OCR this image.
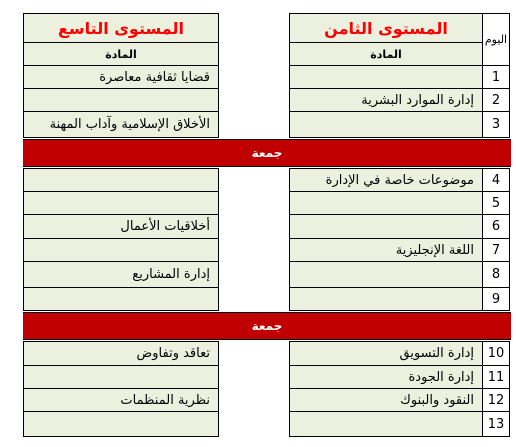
المستوى التاسع	المستوى الثامن
اليوم
المادة	المادة
1
قضايا ثقافية معاصرة
2
إدارة الموارد البشرية
3
الأخلاق الإسلامية وآداب المهنة
جمعة
4
موضوعات خاصة في الإدارة
5
6
أخلاقيات الأعمال
7
اللغة الإنجليزية
8
إدارة المشاريع
9
جمعة
10
إدارة التسويق
تعاقد وتفاوض
11
إدارة الجودة
12
النقود والبنوك
نظرية المنظمات
13
